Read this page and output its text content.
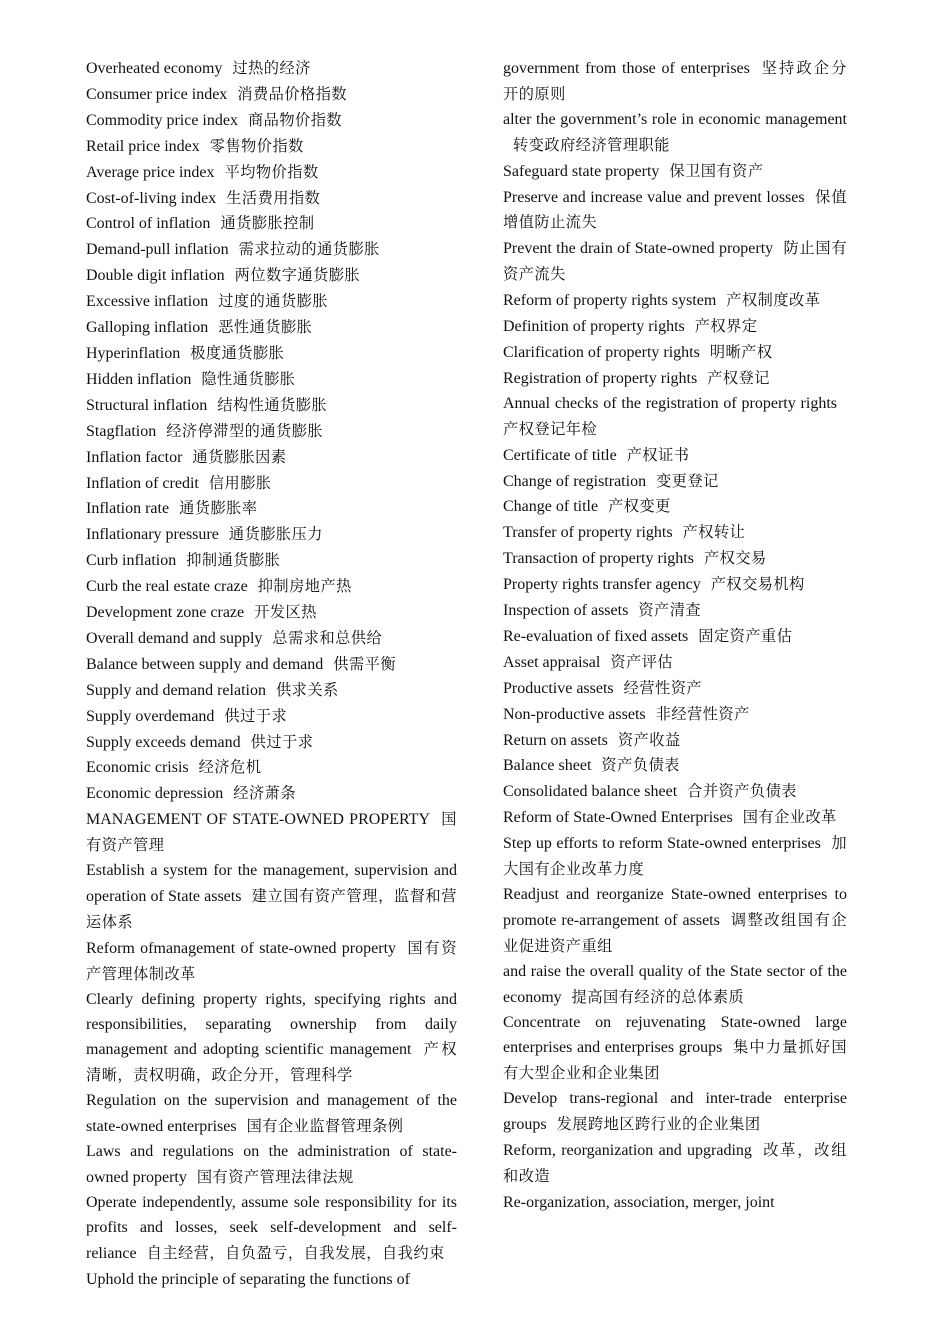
Overheated economy 过热的经济

Consumer price index 消费品价格指数

Commodity price index 商品物价指数

Retail price index 零售物价指数

Average price index 平均物价指数

Cost-of-living index 生活费用指数

Control of inflation 通货膨胀控制

Demand-pull inflation 需求拉动的通货膨胀

Double digit inflation 两位数字通货膨胀

Excessive inflation 过度的通货膨胀

Galloping inflation 恶性通货膨胀

Hyperinflation 极度通货膨胀

Hidden inflation 隐性通货膨胀

Structural inflation 结构性通货膨胀

Stagflation 经济停滞型的通货膨胀

Inflation factor 通货膨胀因素

Inflation of credit 信用膨胀

Inflation rate 通货膨胀率

Inflationary pressure 通货膨胀压力

Curb inflation 抑制通货膨胀

Curb the real estate craze 抑制房地产热

Development zone craze 开发区热

Overall demand and supply 总需求和总供给

Balance between supply and demand 供需平衡

Supply and demand relation 供求关系

Supply overdemand 供过于求

Supply exceeds demand 供过于求

Economic crisis 经济危机

Economic depression 经济萧条

MANAGEMENT OF STATE-OWNED PROPERTY 国有资产管理

Establish a system for the management, supervision and operation of State assets 建立国有资产管理，监督和营运体系

Reform ofmanagement of state-owned property 国有资产管理体制改革

Clearly defining property rights, specifying rights and responsibilities, separating ownership from daily management and adopting scientific management 产权清晰，责权明确，政企分开，管理科学

Regulation on the supervision and management of the state-owned enterprises 国有企业监督管理条例

Laws and regulations on the administration of state-owned property 国有资产管理法律法规

Operate independently, assume sole responsibility for its profits and losses, seek self-development and self-reliance 自主经营，自负盈亏，自我发展，自我约束

Uphold the principle of separating the functions of

government from those of enterprises 坚持政企分开的原则

alter the government’s role in economic management转变政府经济管理职能

Safeguard state property 保卫国有资产

Preserve and increase value and prevent losses 保值增值防止流失

Prevent the drain of State-owned property 防止国有资产流失

Reform of property rights system 产权制度改革

Definition of property rights 产权界定

Clarification of property rights 明晰产权

Registration of property rights 产权登记

Annual checks of the registration of property rights产权登记年检

Certificate of title 产权证书

Change of registration 变更登记

Change of title 产权变更

Transfer of property rights 产权转让

Transaction of property rights 产权交易

Property rights transfer agency 产权交易机构

Inspection of assets 资产清查

Re-evaluation of fixed assets 固定资产重估

Asset appraisal 资产评估

Productive assets 经营性资产

Non-productive assets 非经营性资产

Return on assets 资产收益

Balance sheet 资产负债表

Consolidated balance sheet 合并资产负债表

Reform of State-Owned Enterprises 国有企业改革

Step up efforts to reform State-owned enterprises 加大国有企业改革力度

Readjust and reorganize State-owned enterprises to promote re-arrangement of assets 调整改组国有企业促进资产重组

and raise the overall quality of the State sector of the economy 提高国有经济的总体素质

Concentrate on rejuvenating State-owned large enterprises and enterprises groups 集中力量抓好国有大型企业和企业集团

Develop trans-regional and inter-trade enterprise groups 发展跨地区跨行业的企业集团

Reform, reorganization and upgrading 改革，改组和改造

Re-organization, association, merger, joint
